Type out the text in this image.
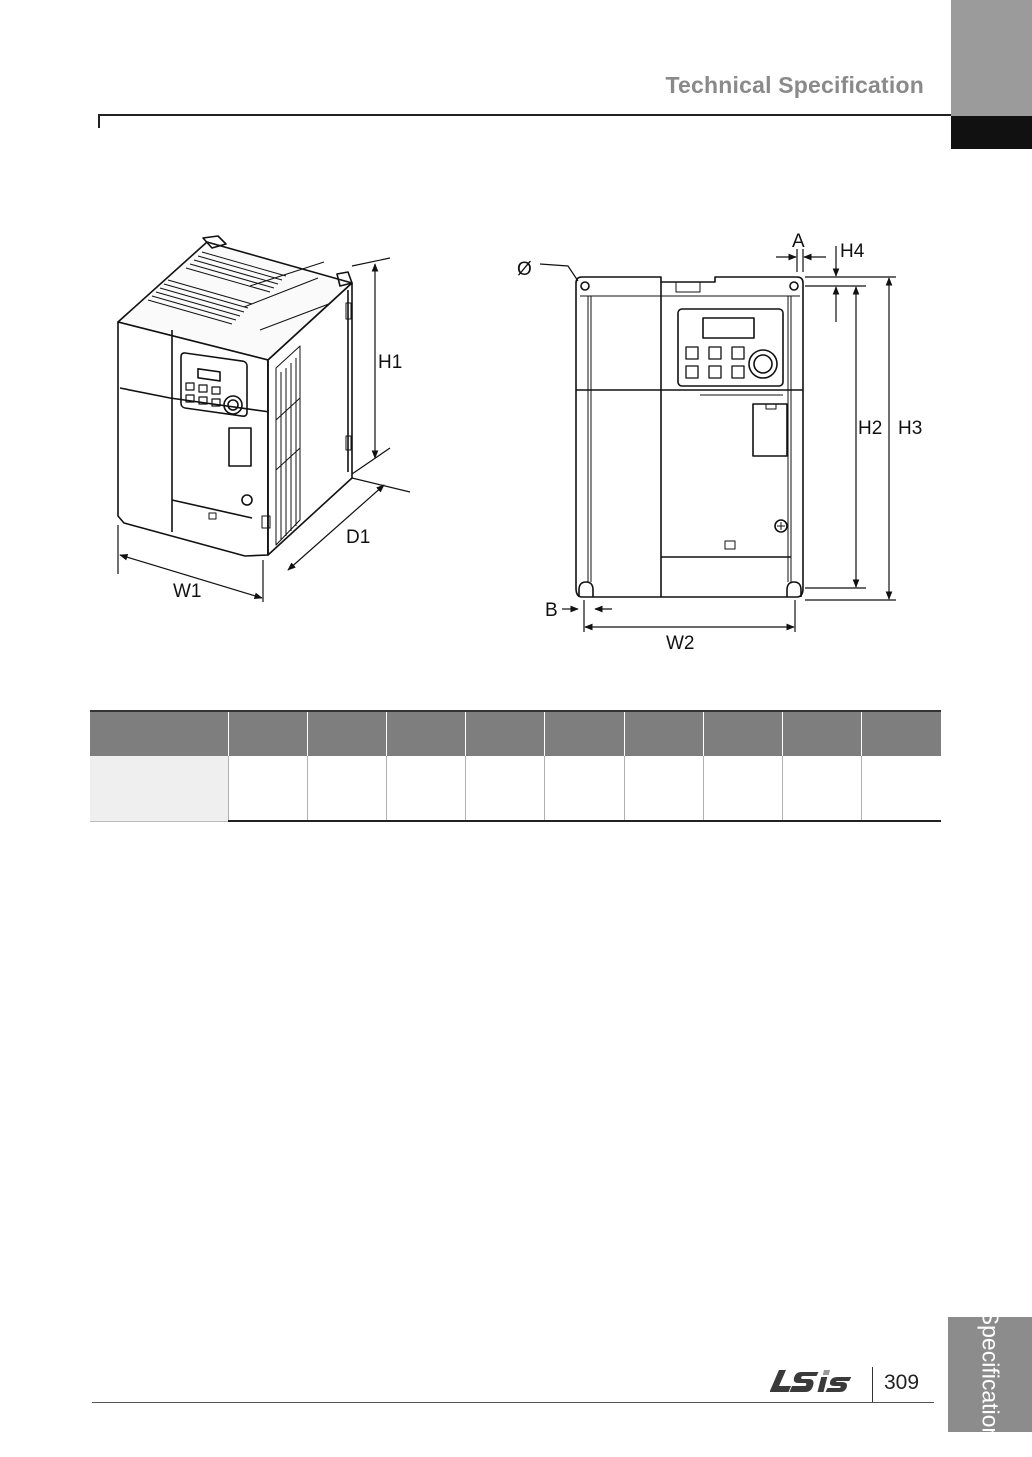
Technical Specification
H1
D1
W1
Ø
A H4
H2 H3
B
W2

309	Specification
